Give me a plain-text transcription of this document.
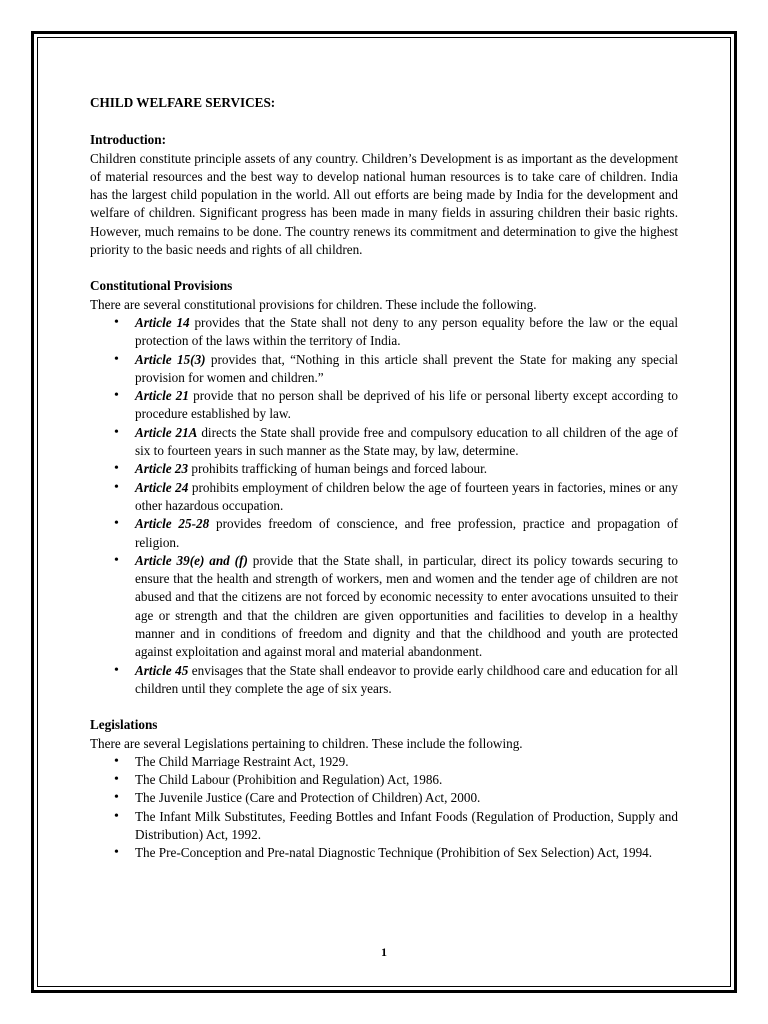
CHILD WELFARE SERVICES:
Introduction:

Children constitute principle assets of any country. Children’s Development is as important as the development of material resources and the best way to develop national human resources is to take care of children. India has the largest child population in the world. All out efforts are being made by India for the development and welfare of children. Significant progress has been made in many fields in assuring children their basic rights. However, much remains to be done. The country renews its commitment and determination to give the highest priority to the basic needs and rights of all children.

Constitutional Provisions

There are several constitutional provisions for children. These include the following.

• Article 14 provides that the State shall not deny to any person equality before the law or the equal protection of the laws within the territory of India.
• Article 15(3) provides that, “Nothing in this article shall prevent the State for making any special provision for women and children.”
• Article 21 provide that no person shall be deprived of his life or personal liberty except according to procedure established by law.
• Article 21A directs the State shall provide free and compulsory education to all children of the age of six to fourteen years in such manner as the State may, by law, determine.
• Article 23 prohibits trafficking of human beings and forced labour.
• Article 24 prohibits employment of children below the age of fourteen years in factories, mines or any other hazardous occupation.
• Article 25-28 provides freedom of conscience, and free profession, practice and propagation of religion.
• Article 39(e) and (f) provide that the State shall, in particular, direct its policy towards securing to ensure that the health and strength of workers, men and women and the tender age of children are not abused and that the citizens are not forced by economic necessity to enter avocations unsuited to their age or strength and that the children are given opportunities and facilities to develop in a healthy manner and in conditions of freedom and dignity and that the childhood and youth are protected against exploitation and against moral and material abandonment.
• Article 45 envisages that the State shall endeavor to provide early childhood care and education for all children until they complete the age of six years.
Legislations

There are several Legislations pertaining to children. These include the following.

• The Child Marriage Restraint Act, 1929.
• The Child Labour (Prohibition and Regulation) Act, 1986.
• The Juvenile Justice (Care and Protection of Children) Act, 2000.
• The Infant Milk Substitutes, Feeding Bottles and Infant Foods (Regulation of Production, Supply and Distribution) Act, 1992.
• The Pre-Conception and Pre-natal Diagnostic Technique (Prohibition of Sex Selection) Act, 1994.
1
